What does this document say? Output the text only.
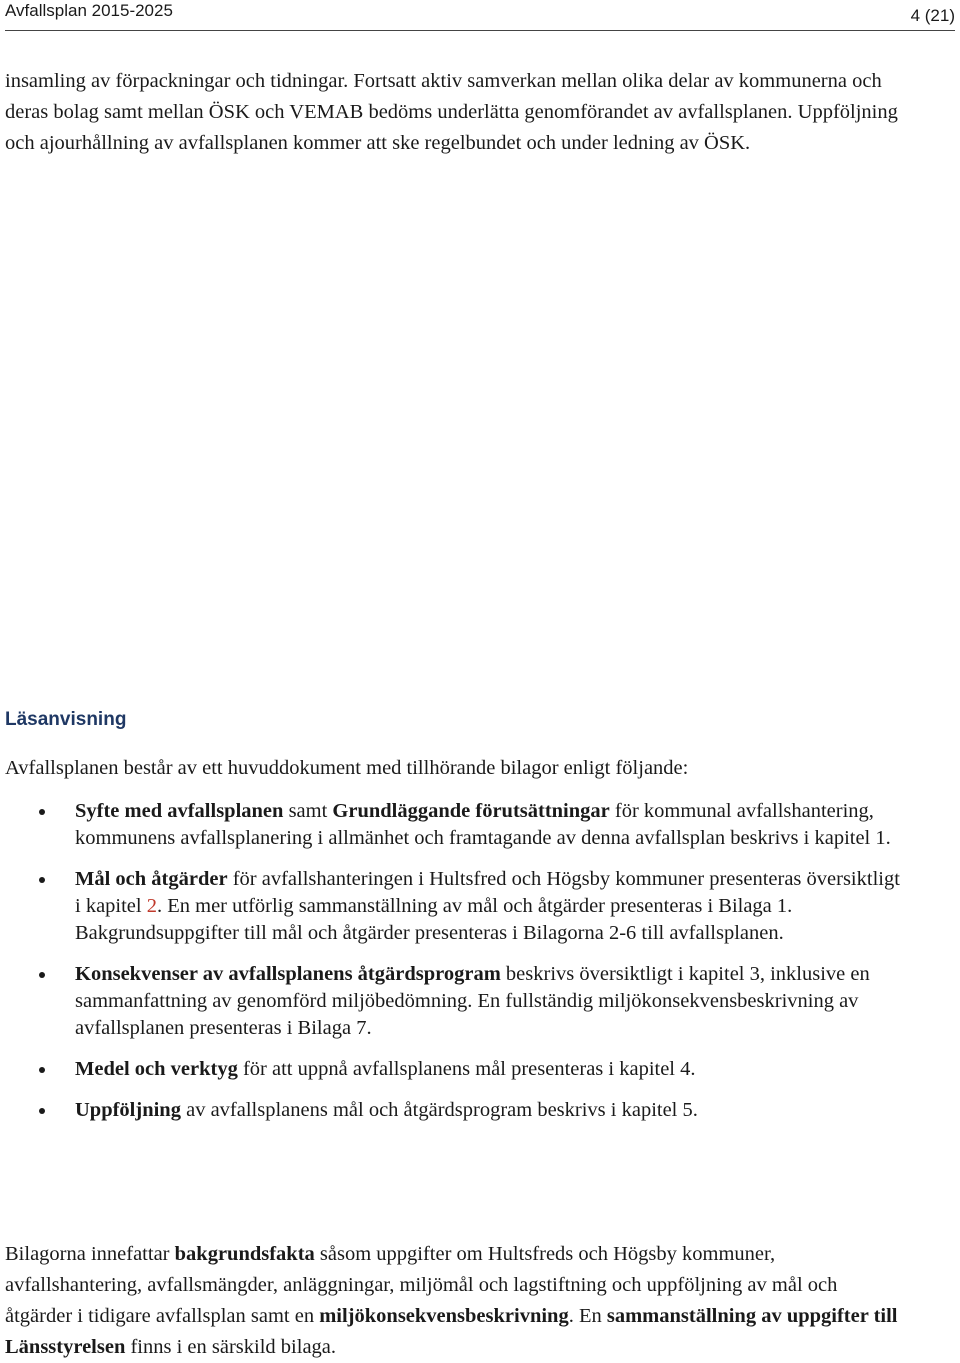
Avfallsplan 2015-2025	4 (21)

insamling av förpackningar och tidningar. Fortsatt aktiv samverkan mellan olika delar av kommunerna och deras bolag samt mellan ÖSK och VEMAB bedöms underlätta genomförandet av avfallsplanen. Uppföljning och ajourhållning av avfallsplanen kommer att ske regelbundet och under ledning av ÖSK.

Läsanvisning

Avfallsplanen består av ett huvuddokument med tillhörande bilagor enligt följande:

Syfte med avfallsplanen samt Grundläggande förutsättningar för kommunal avfallshantering, kommunens avfallsplanering i allmänhet och framtagande av denna avfallsplan beskrivs i kapitel 1.

Mål och åtgärder för avfallshanteringen i Hultsfred och Högsby kommuner presenteras översiktligt i kapitel 2. En mer utförlig sammanställning av mål och åtgärder presenteras i Bilaga 1. Bakgrundsuppgifter till mål och åtgärder presenteras i Bilagorna 2-6 till avfallsplanen.

Konsekvenser av avfallsplanens åtgärdsprogram beskrivs översiktligt i kapitel 3, inklusive en sammanfattning av genomförd miljöbedömning. En fullständig miljökonsekvensbeskrivning av avfallsplanen presenteras i Bilaga 7.

Medel och verktyg för att uppnå avfallsplanens mål presenteras i kapitel 4.

Uppföljning av avfallsplanens mål och åtgärdsprogram beskrivs i kapitel 5.

Bilagorna innefattar bakgrundsfakta såsom uppgifter om Hultsfreds och Högsby kommuner, avfallshantering, avfallsmängder, anläggningar, miljömål och lagstiftning och uppföljning av mål och åtgärder i tidigare avfallsplan samt en miljökonsekvensbeskrivning. En sammanställning av uppgifter till Länsstyrelsen finns i en särskild bilaga.
